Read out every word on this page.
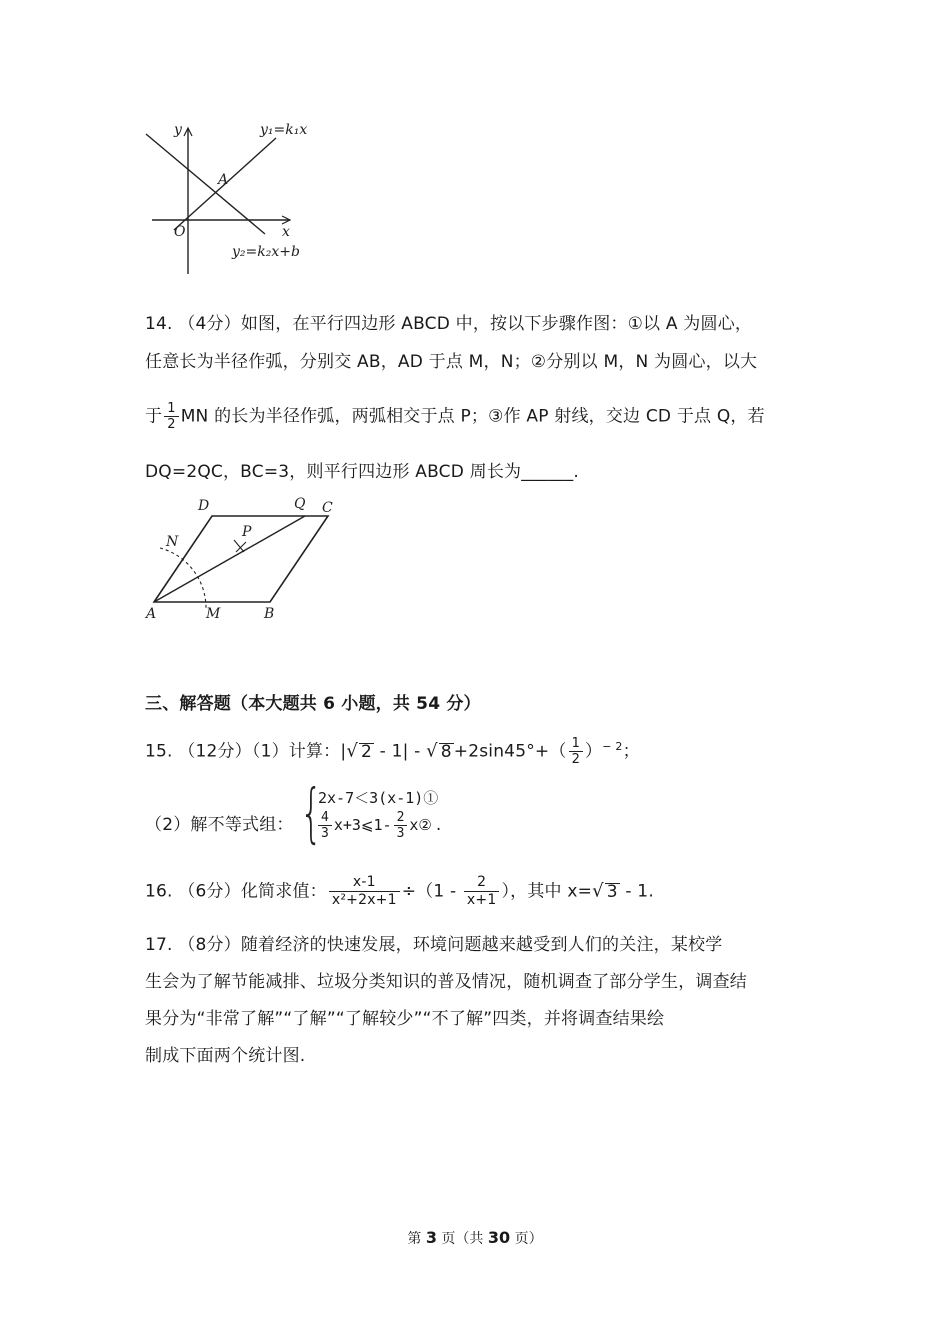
y
x
O
A
y₁=k₁x
y₂=k₂x+b
14. （4分）如图，在平行四边形 ABCD 中，按以下步骤作图：①以 A 为圆心，
任意长为半径作弧，分别交 AB，AD 于点 M，N；②分别以 M，N 为圆心，以大
于 $\frac{1}{2}$ MN 的长为半径作弧，两弧相交于点 P；③作 AP 射线，交边 CD 于点 Q，若
DQ=2QC，BC=3，则平行四边形 ABCD 周长为______.
A	M	B
N
P
D	Q C
三、解答题（本大题共 6 小题，共 54 分）
15. （12分）（1）计算：|√ 2 - 1| - √ $8 +2\sin 45^\circ+( \frac{1}{2} )^{- 2}$；
（2）解不等式组： {
2x-7＜3(x-1)①
$\frac{4}{3}$ x+3⩽1- $\frac{2}{3}$ x② .
16. （6分）化简求值： $\frac{x-1}{\text{x²+2x+1}} \div(1 - \frac{2}{x+1}$ ），其中 x=√ 3 - 1.
17. （8分）随着经济的快速发展，环境问题越来越受到人们的关注，某校学
生会为了解节能减排、垃圾分类知识的普及情况，随机调查了部分学生，调查结
果分为“非常了解”“了解”“了解较少”“不了解”四类，并将调查结果绘
制成下面两个统计图.
第 3 页（共 30 页）
